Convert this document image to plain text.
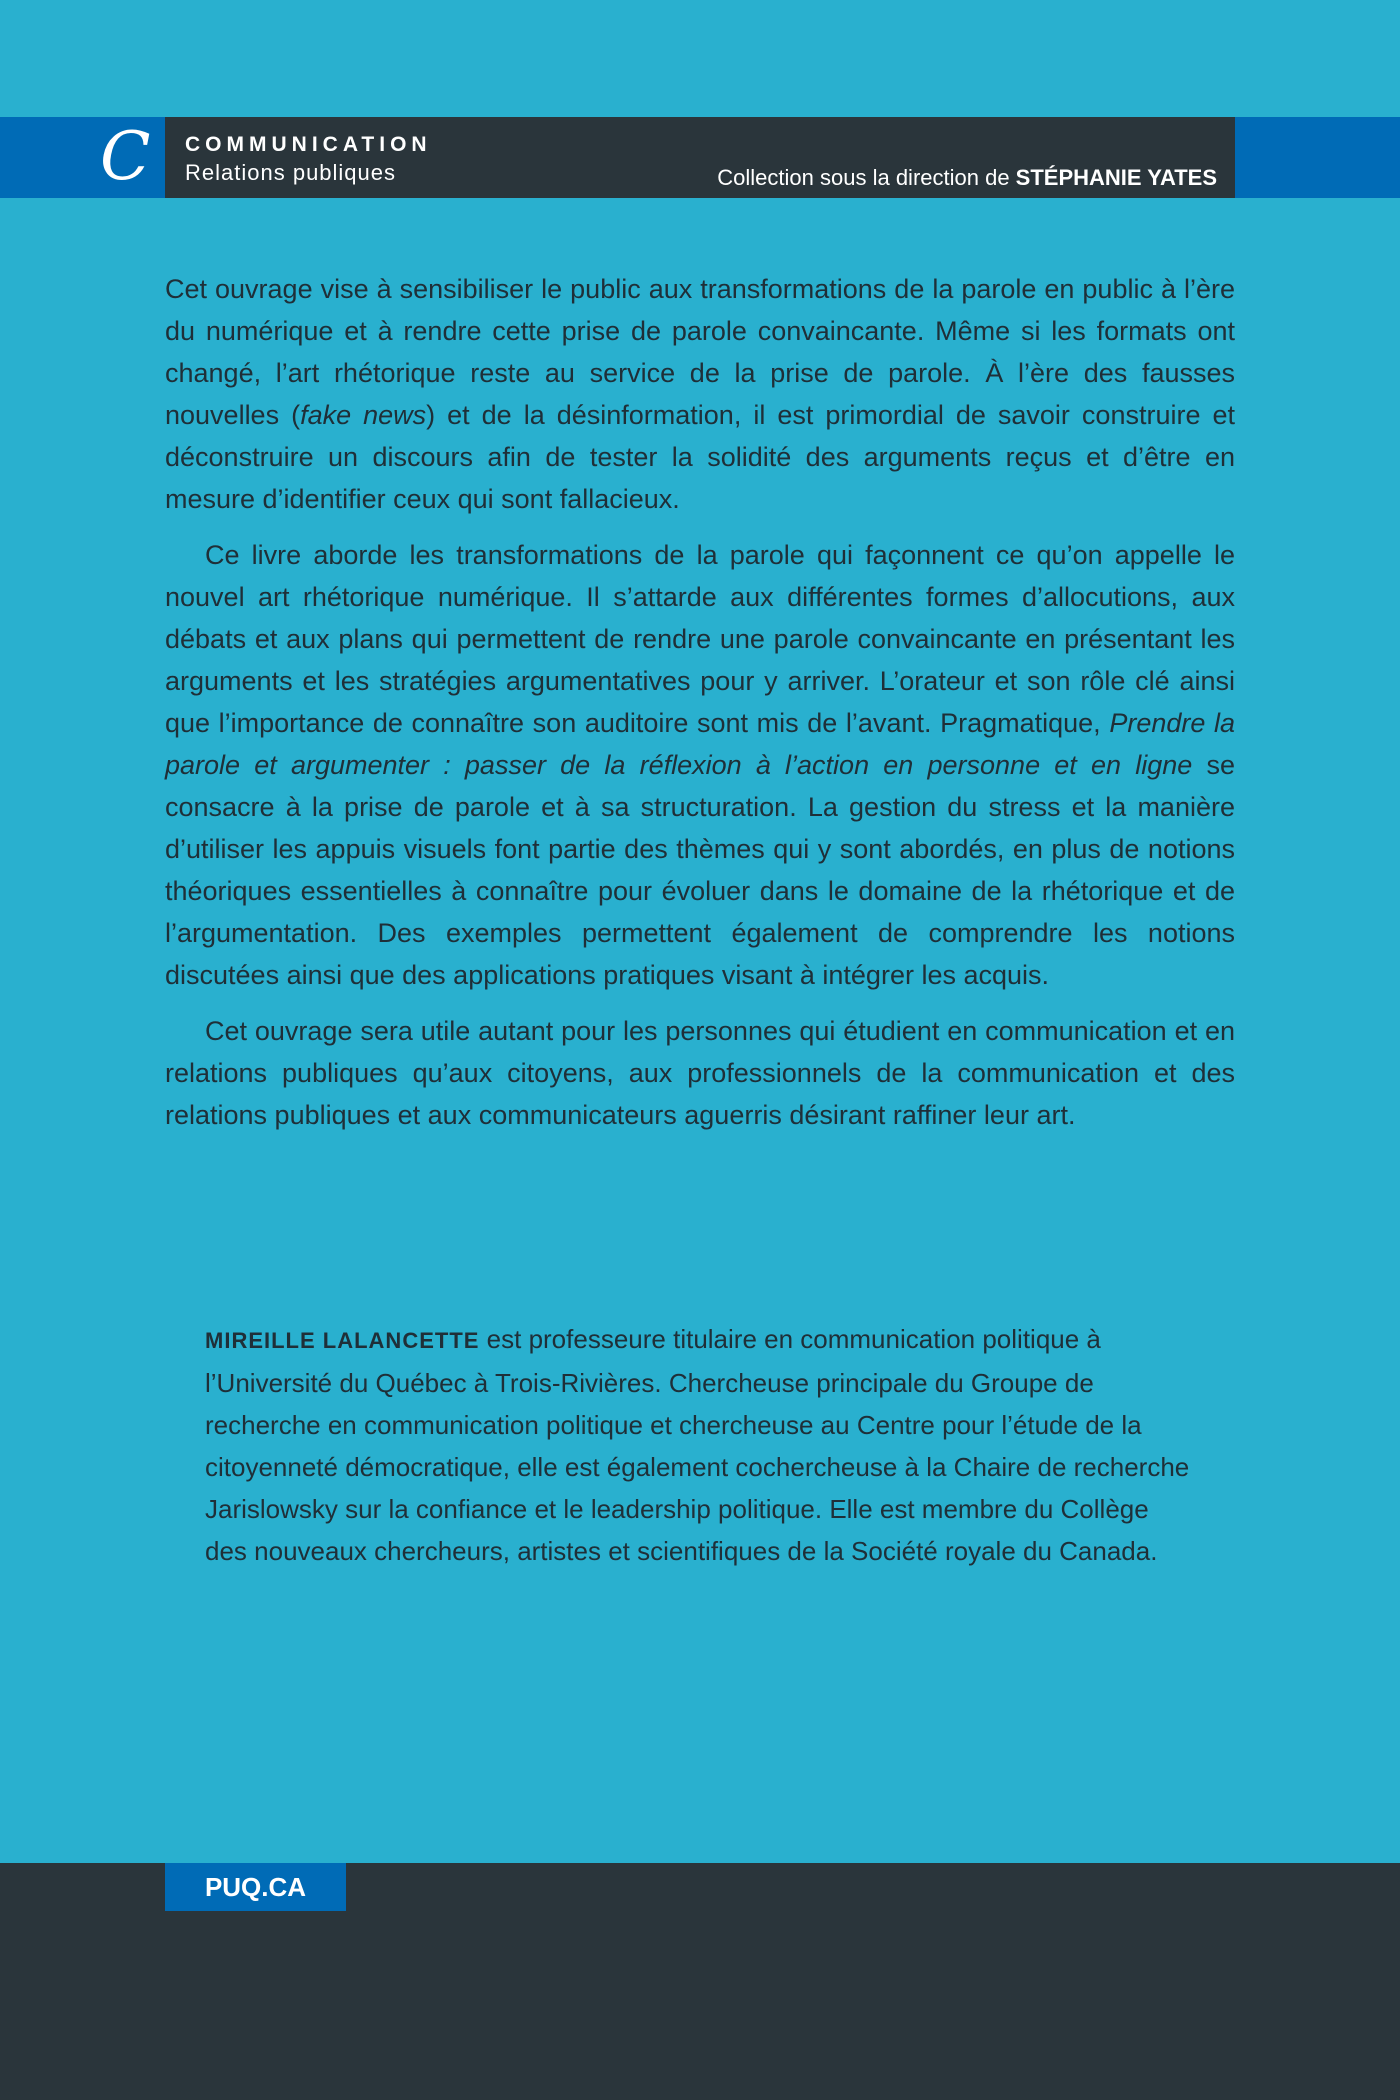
C COMMUNICATION
Relations publiques	Collection sous la direction de STÉPHANIE YATES

Cet ouvrage vise à sensibiliser le public aux transformations de la parole en public à l’ère du numérique et à rendre cette prise de parole convaincante. Même si les formats ont changé, l’art rhétorique reste au service de la prise de parole. À l’ère des fausses nouvelles (fake news) et de la désinformation, il est primordial de savoir construire et déconstruire un discours afin de tester la solidité des arguments reçus et d’être en mesure d’identifier ceux qui sont fallacieux.

Ce livre aborde les transformations de la parole qui façonnent ce qu’on appelle le nouvel art rhétorique numérique. Il s’attarde aux différentes formes d’allocutions, aux débats et aux plans qui permettent de rendre une parole convaincante en présentant les arguments et les stratégies argumentatives pour y arriver. L’orateur et son rôle clé ainsi que l’importance de connaître son auditoire sont mis de l’avant. Pragmatique, Prendre la parole et argumenter : passer de la réflexion à l’action en personne et en ligne se consacre à la prise de parole et à sa structuration. La gestion du stress et la manière d’utiliser les appuis visuels font partie des thèmes qui y sont abordés, en plus de notions théoriques essentielles à connaître pour évoluer dans le domaine de la rhétorique et de l’argumentation. Des exemples permettent également de comprendre les notions discutées ainsi que des applications pratiques visant à intégrer les acquis.

Cet ouvrage sera utile autant pour les personnes qui étudient en communication et en relations publiques qu’aux citoyens, aux professionnels de la communication et des relations publiques et aux communicateurs aguerris désirant raffiner leur art.

MIREILLE LALANCETTE est professeure titulaire en communication politique à l’Université du Québec à Trois-Rivières. Chercheuse principale du Groupe de recherche en communication politique et chercheuse au Centre pour l’étude de la citoyenneté démocratique, elle est également cochercheuse à la Chaire de recherche Jarislowsky sur la confiance et le leadership politique. Elle est membre du Collège des nouveaux chercheurs, artistes et scientifiques de la Société royale du Canada.
PUQ.CA
